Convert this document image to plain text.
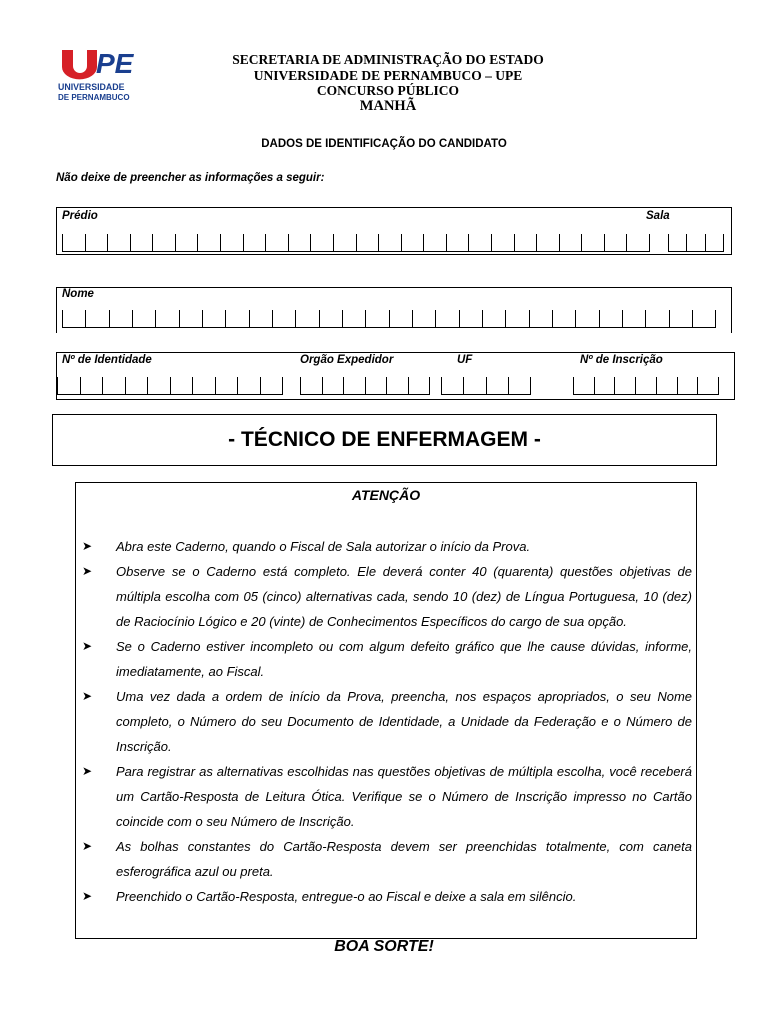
PE
UNIVERSIDADE
DE PERNAMBUCO
SECRETARIA DE ADMINISTRAÇÃO DO ESTADO
UNIVERSIDADE DE PERNAMBUCO – UPE
CONCURSO PÚBLICO
MANHÃ
DADOS DE IDENTIFICAÇÃO DO CANDIDATO
Não deixe de preencher as informações a seguir:
Prédio	Sala
Nome
Nº de Identidade	Orgão Expedidor	UF	Nº de Inscrição
- TÉCNICO DE ENFERMAGEM -
ATENÇÃO
➤ Abra este Caderno, quando o Fiscal de Sala autorizar o início da Prova.
➤ Observe se o Caderno está completo. Ele deverá conter 40 (quarenta) questões objetivas de múltipla escolha com 05 (cinco) alternativas cada, sendo 10 (dez) de Língua Portuguesa, 10 (dez) de Raciocínio Lógico e 20 (vinte) de Conhecimentos Específicos do cargo de sua opção.
➤ Se o Caderno estiver incompleto ou com algum defeito gráfico que lhe cause dúvidas, informe, imediatamente, ao Fiscal.
➤ Uma vez dada a ordem de início da Prova, preencha, nos espaços apropriados, o seu Nome completo, o Número do seu Documento de Identidade, a Unidade da Federação e o Número de Inscrição.
➤ Para registrar as alternativas escolhidas nas questões objetivas de múltipla escolha, você receberá um Cartão-Resposta de Leitura Ótica. Verifique se o Número de Inscrição impresso no Cartão coincide com o seu Número de Inscrição.
➤ As bolhas constantes do Cartão-Resposta devem ser preenchidas totalmente, com caneta esferográfica azul ou preta.
➤ Preenchido o Cartão-Resposta, entregue-o ao Fiscal e deixe a sala em silêncio.
BOA SORTE!
